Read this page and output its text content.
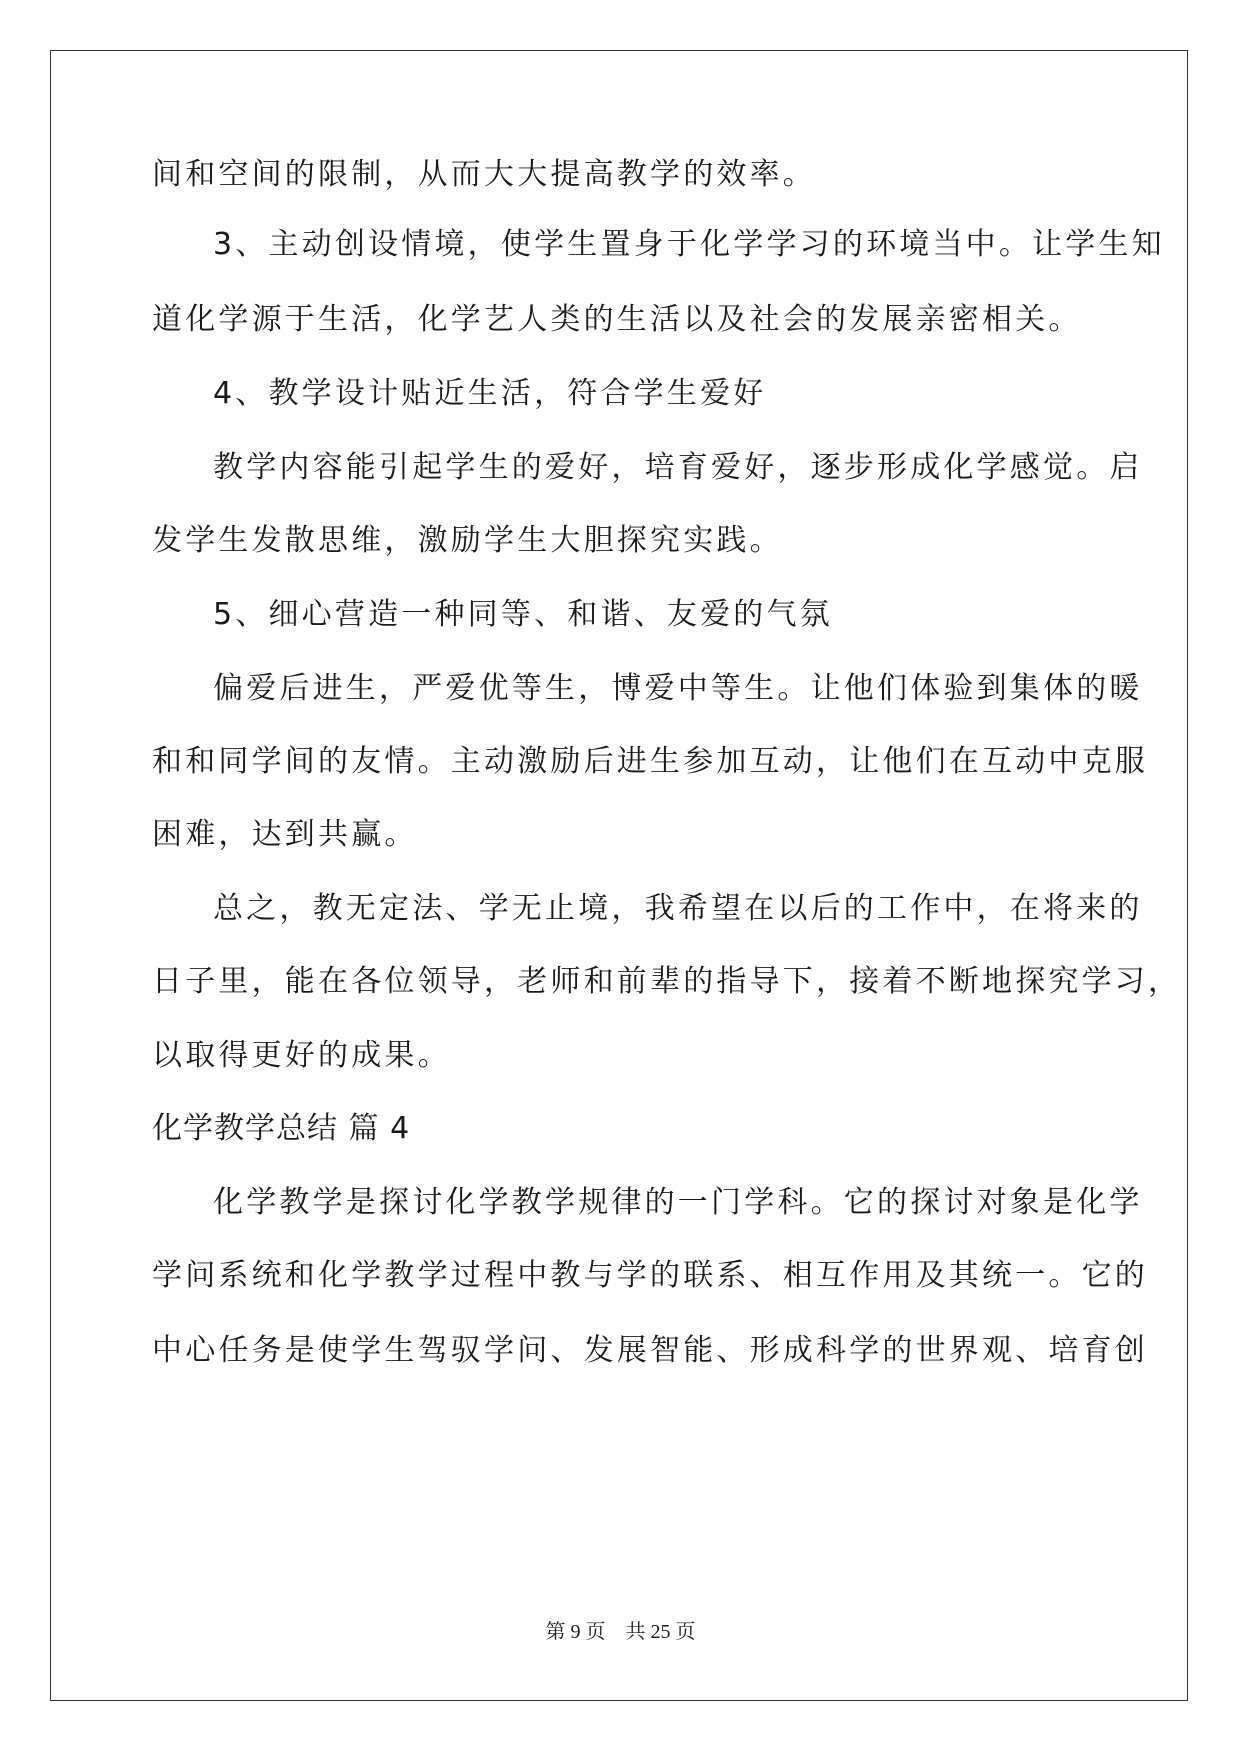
间和空间的限制，从而大大提高教学的效率。
3、主动创设情境，使学生置身于化学学习的环境当中。让学生知
道化学源于生活，化学艺人类的生活以及社会的发展亲密相关。
4、教学设计贴近生活，符合学生爱好
教学内容能引起学生的爱好，培育爱好，逐步形成化学感觉。启
发学生发散思维，激励学生大胆探究实践。
5、细心营造一种同等、和谐、友爱的气氛
偏爱后进生，严爱优等生，博爱中等生。让他们体验到集体的暖
和和同学间的友情。主动激励后进生参加互动，让他们在互动中克服
困难，达到共赢。
总之，教无定法、学无止境，我希望在以后的工作中，在将来的
日子里，能在各位领导，老师和前辈的指导下，接着不断地探究学习，
以取得更好的成果。
化学教学总结 篇 4
化学教学是探讨化学教学规律的一门学科。它的探讨对象是化学
学问系统和化学教学过程中教与学的联系、相互作用及其统一。它的
中心任务是使学生驾驭学问、发展智能、形成科学的世界观、培育创
第 9 页 共 25 页
